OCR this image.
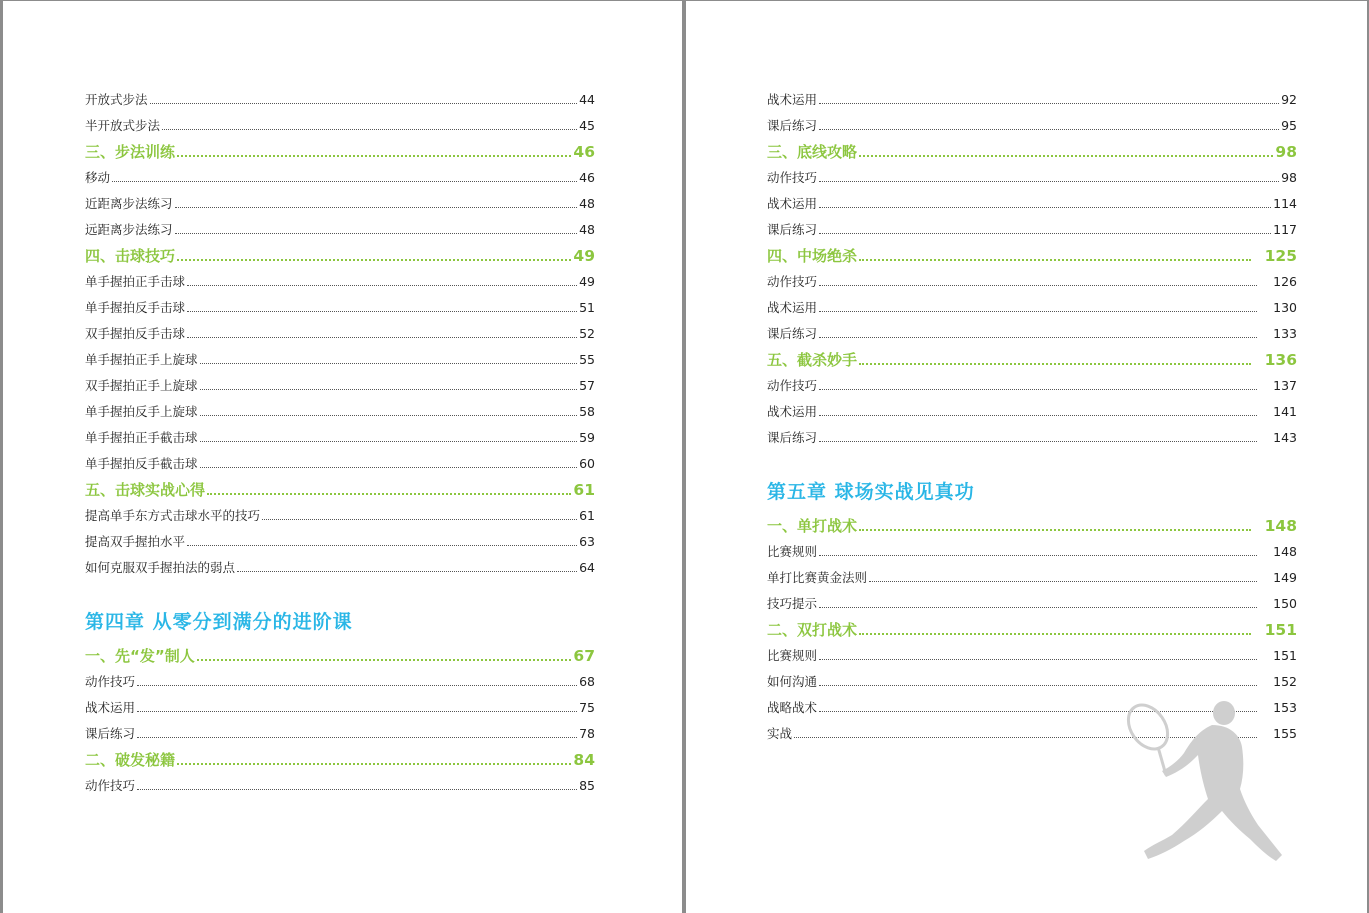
开放式步法	44
半开放式步法	45
三、步法训练	46
移动	46
近距离步法练习	48
远距离步法练习	48
四、击球技巧	49
单手握拍正手击球	49
单手握拍反手击球	51
双手握拍反手击球	52
单手握拍正手上旋球	55
双手握拍正手上旋球	57
单手握拍反手上旋球	58
单手握拍正手截击球	59
单手握拍反手截击球	60
五、击球实战心得	61
提高单手东方式击球水平的技巧	61
提高双手握拍水平	63
如何克服双手握拍法的弱点	64
第四章 从零分到满分的进阶课
一、先“发”制人	67
动作技巧	68
战术运用	75
课后练习	78
二、破发秘籍	84
动作技巧	85
战术运用	92
课后练习	95
三、底线攻略	98
动作技巧	98
战术运用	114
课后练习	117
四、中场绝杀	125
动作技巧	126
战术运用	130
课后练习	133
五、截杀妙手	136
动作技巧	137
战术运用	141
课后练习	143
第五章 球场实战见真功
一、单打战术	148
比赛规则	148
单打比赛黄金法则	149
技巧提示	150
二、双打战术	151
比赛规则	151
如何沟通	152
战略战术	153
实战	155
